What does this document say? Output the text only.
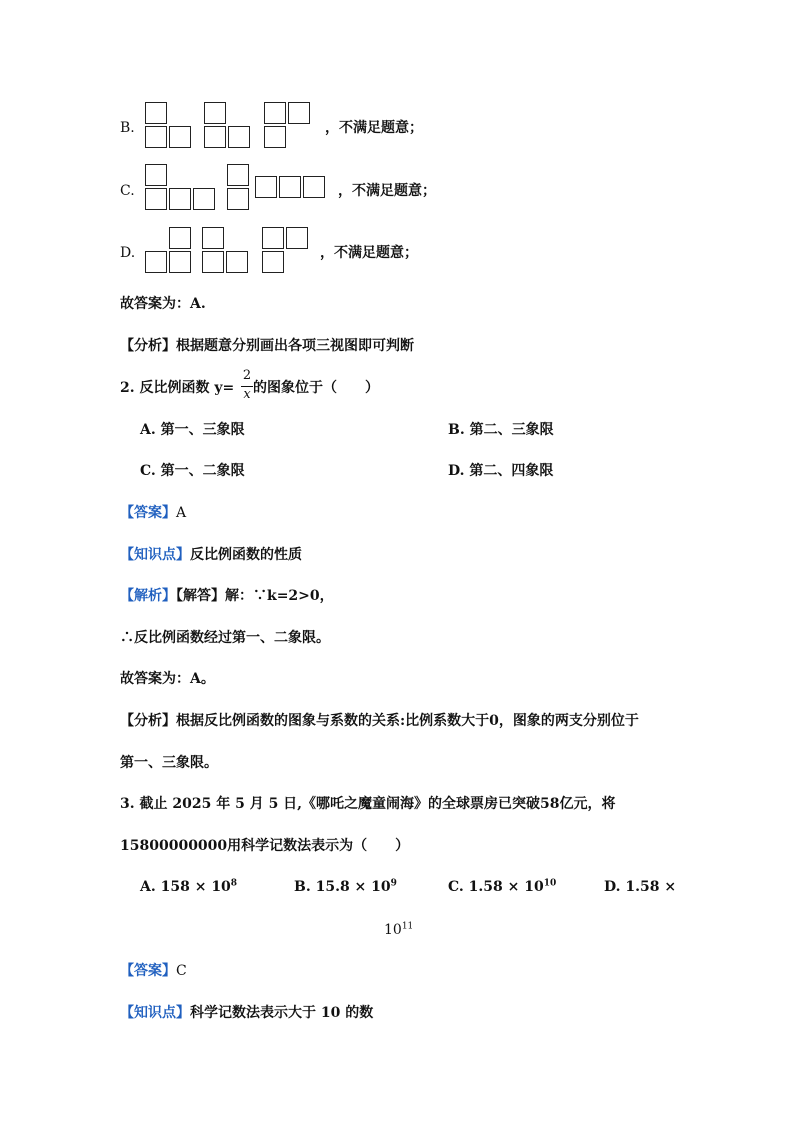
B.	，不满足题意；
C.	，不满足题意；
D.	，不满足题意；
故答案为：A.
【分析】根据题意分别画出各项三视图即可判断
2. 反比例函数 y=
2
x 的图象位于（　　）
A. 第一、三象限	B. 第二、三象限
C. 第一、二象限	D. 第二、四象限
【答案】A
【知识点】反比例函数的性质
【解析】【解答】解：∵k=2>0，
∴反比例函数经过第一、二象限。
故答案为：A。
【分析】根据反比例函数的图象与系数的关系:比例系数大于0，图象的两支分别位于
第一、三象限。
3. 截止 2025 年 5 月 5 日,《哪吒之魔童闹海》的全球票房已突破58亿元，将
15800000000用科学记数法表示为（　　）
A. $158 \times 10^8$	B. $15.8 \times 10^9$	C. $1.58 \times 10^{10}$	D. 1.58 ×
$10^{11}$
【答案】C
【知识点】科学记数法表示大于 10 的数
